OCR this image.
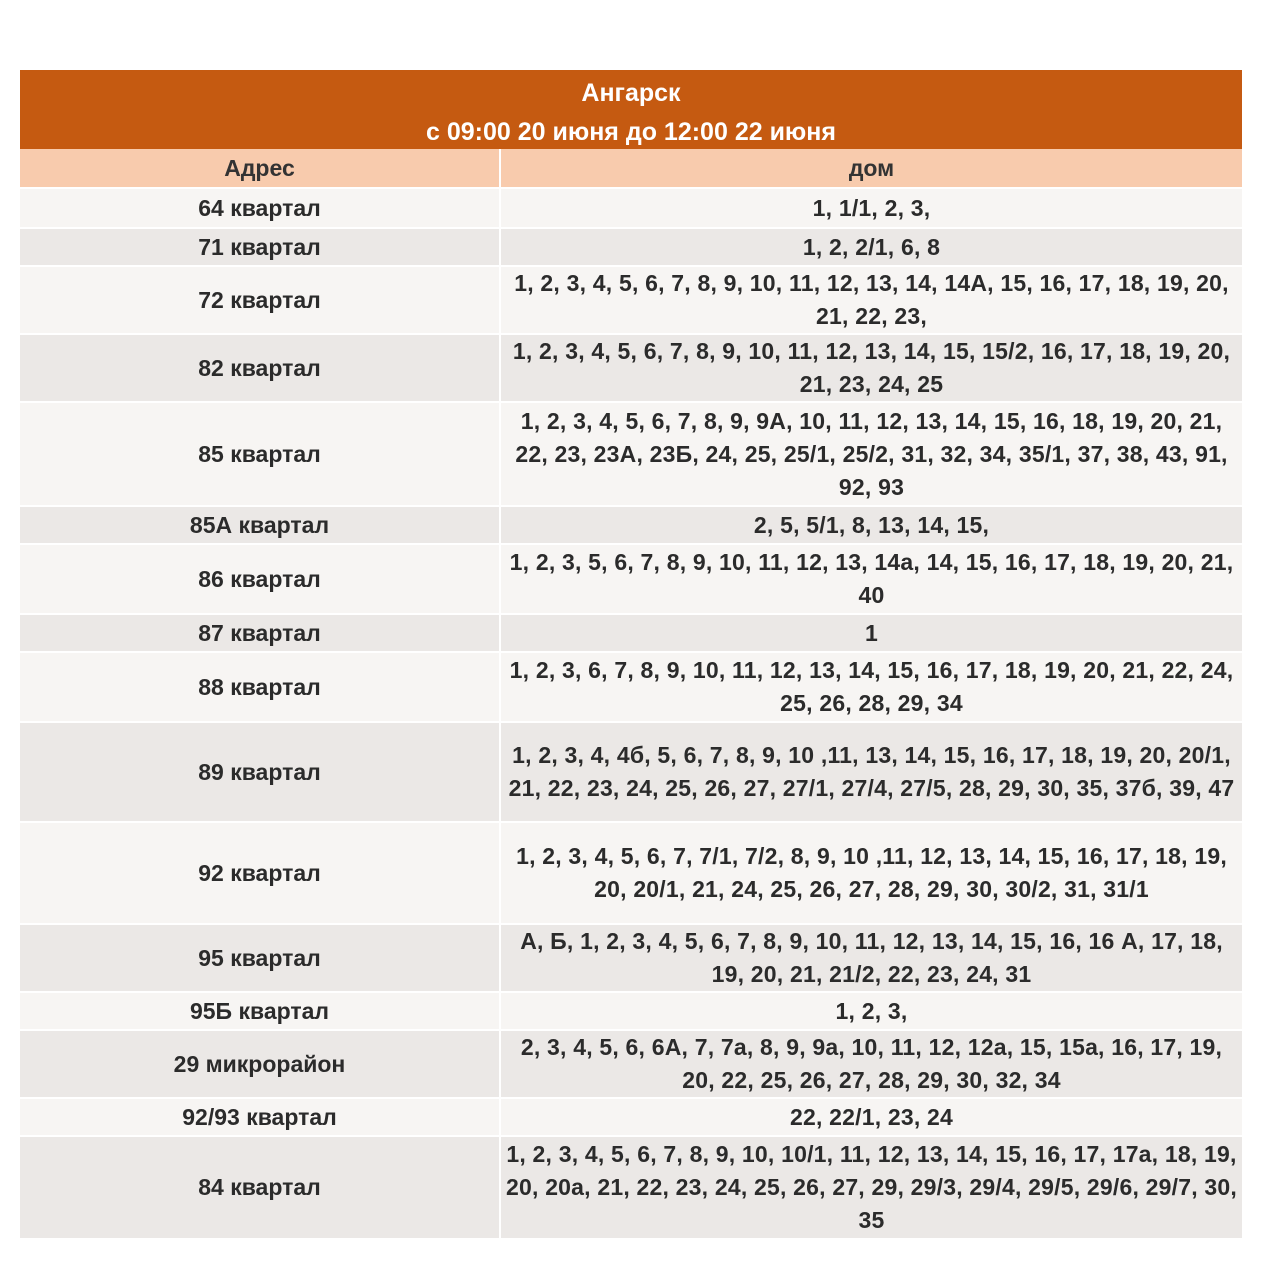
Ангарск
с 09:00 20 июня до 12:00 22 июня
Адрес	дом
64 квартал	1, 1/1, 2, 3,
71 квартал	1, 2, 2/1, 6, 8
72 квартал	1, 2, 3, 4, 5, 6, 7, 8, 9, 10, 11, 12, 13, 14, 14А, 15, 16, 17, 18, 19, 20, 21, 22, 23,
82 квартал	1, 2, 3, 4, 5, 6, 7, 8, 9, 10, 11, 12, 13, 14, 15, 15/2, 16, 17, 18, 19, 20, 21, 23, 24, 25
85 квартал	1, 2, 3, 4, 5, 6, 7, 8, 9, 9А, 10, 11, 12, 13, 14, 15, 16, 18, 19, 20, 21, 22, 23, 23А, 23Б, 24, 25, 25/1, 25/2, 31, 32, 34, 35/1, 37, 38, 43, 91, 92, 93
85А квартал	2, 5, 5/1, 8, 13, 14, 15,
86 квартал	1, 2, 3, 5, 6, 7, 8, 9, 10, 11, 12, 13, 14а, 14, 15, 16, 17, 18, 19, 20, 21, 40
87 квартал	1
88 квартал	1, 2, 3, 6, 7, 8, 9, 10, 11, 12, 13, 14, 15, 16, 17, 18, 19, 20, 21, 22, 24, 25, 26, 28, 29, 34
89 квартал	1, 2, 3, 4, 4б, 5, 6, 7, 8, 9, 10 ,11, 13, 14, 15, 16, 17, 18, 19, 20, 20/1, 21, 22, 23, 24, 25, 26, 27, 27/1, 27/4, 27/5, 28, 29, 30, 35, 37б, 39, 47
92 квартал	1, 2, 3, 4, 5, 6, 7, 7/1, 7/2, 8, 9, 10 ,11, 12, 13, 14, 15, 16, 17, 18, 19, 20, 20/1, 21, 24, 25, 26, 27, 28, 29, 30, 30/2, 31, 31/1
95 квартал	А, Б, 1, 2, 3, 4, 5, 6, 7, 8, 9, 10, 11, 12, 13, 14, 15, 16, 16 А, 17, 18, 19, 20, 21, 21/2, 22, 23, 24, 31
95Б квартал	1, 2, 3,
29 микрорайон	2, 3, 4, 5, 6, 6А, 7, 7а, 8, 9, 9а, 10, 11, 12, 12а, 15, 15а, 16, 17, 19, 20, 22, 25, 26, 27, 28, 29, 30, 32, 34
92/93 квартал	22, 22/1, 23, 24
84 квартал	1, 2, 3, 4, 5, 6, 7, 8, 9, 10, 10/1, 11, 12, 13, 14, 15, 16, 17, 17а, 18, 19, 20, 20а, 21, 22, 23, 24, 25, 26, 27, 29, 29/3, 29/4, 29/5, 29/6, 29/7, 30, 35
